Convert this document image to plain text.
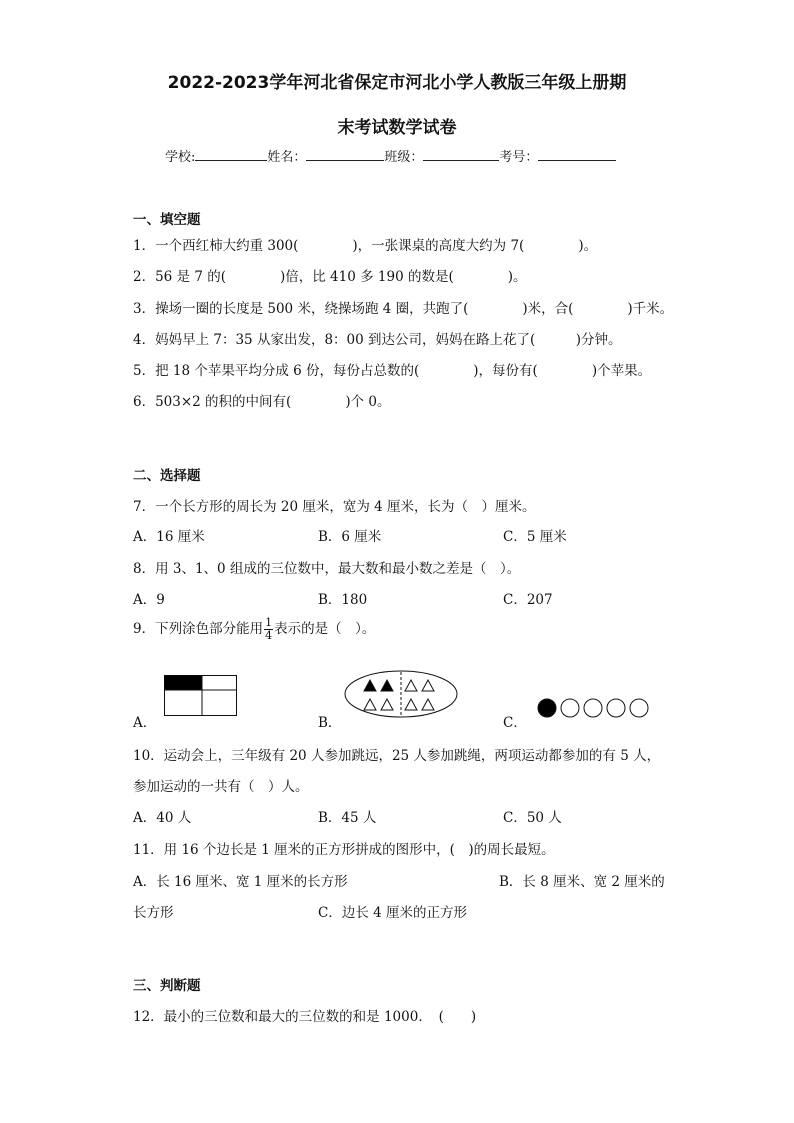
2022-2023学年河北省保定市河北小学人教版三年级上册期
末考试数学试卷
学校:	姓名：	班级：	考号：
一、填空题
1．一个西红柿大约重 300(　　　　)，一张课桌的高度大约为 7(　　　　)。
2．56 是 7 的(　　　　)倍，比 410 多 190 的数是(　　　　)。
3．操场一圈的长度是 500 米，绕操场跑 4 圈，共跑了(　　　　)米，合(　　　　)千米。
4．妈妈早上 7：35 从家出发，8：00 到达公司，妈妈在路上花了(　　　)分钟。
5．把 18 个苹果平均分成 6 份，每份占总数的(　　　　)，每份有(　　　　)个苹果。
6．503×2 的积的中间有(　　　　)个 0。
二、选择题
7．一个长方形的周长为 20 厘米，宽为 4 厘米，长为（　）厘米。
A．16 厘米	B．6 厘米	C．5 厘米
8．用 3、1、0 组成的三位数中，最大数和最小数之差是（　）。
A．9	B．180	C．207
9．下列涂色部分能用 $\frac{1}{4}$ 表示的是（　）。
A．	B．	C．
10．运动会上，三年级有 20 人参加跳远，25 人参加跳绳，两项运动都参加的有 5 人，
参加运动的一共有（　）人。
A．40 人	B．45 人	C．50 人
11．用 16 个边长是 1 厘米的正方形拼成的图形中，(　)的周长最短。
A．长 16 厘米、宽 1 厘米的长方形	B．长 8 厘米、宽 2 厘米的
长方形	C．边长 4 厘米的正方形
三、判断题
12．最小的三位数和最大的三位数的和是 1000．　(　　)
